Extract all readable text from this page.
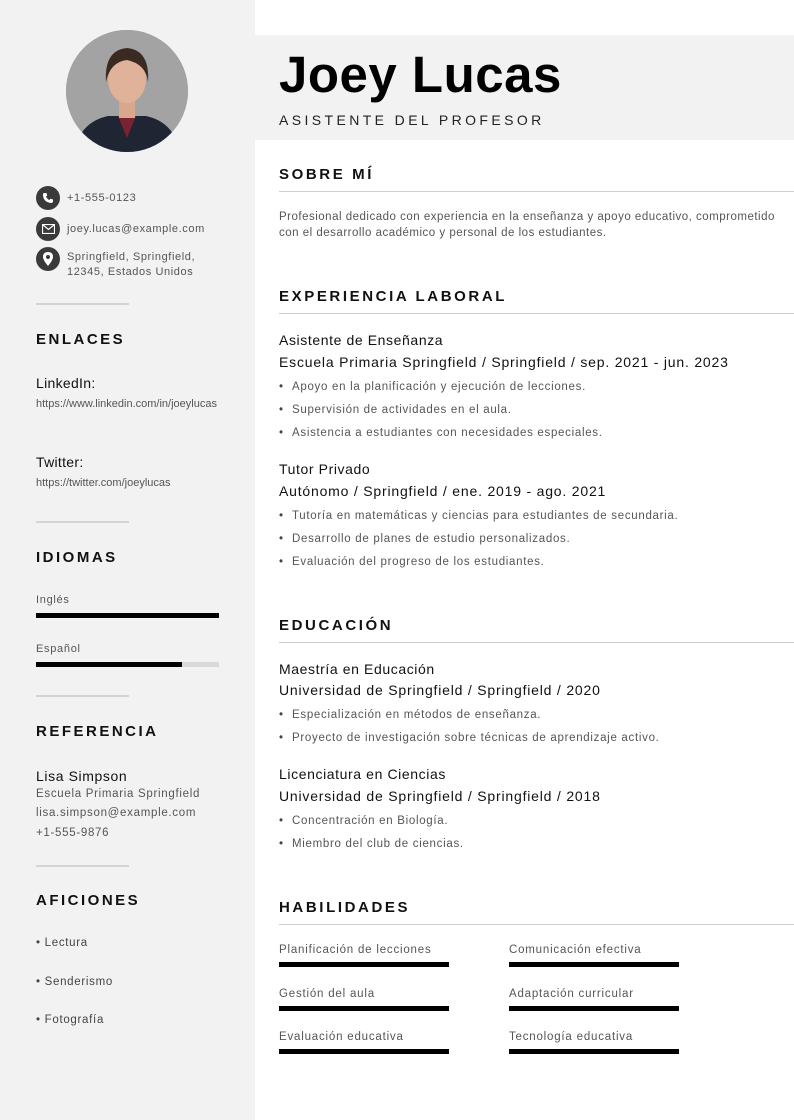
+1-555-0123
joey.lucas@example.com
Springfield, Springfield,
12345, Estados Unidos
ENLACES
LinkedIn:
https://www.linkedin.com/in/joeylucas
Twitter:
https://twitter.com/joeylucas
IDIOMAS
Inglés
Español
REFERENCIA
Lisa Simpson
Escuela Primaria Springfield
lisa.simpson@example.com
+1-555-9876
AFICIONES
• Lectura
• Senderismo
• Fotografía
Joey Lucas
ASISTENTE DEL PROFESOR
SOBRE MÍ
Profesional dedicado con experiencia en la enseñanza y apoyo educativo, comprometido con el desarrollo académico y personal de los estudiantes.
EXPERIENCIA LABORAL
Asistente de Enseñanza
Escuela Primaria Springfield / Springfield / sep. 2021 - jun. 2023
• Apoyo en la planificación y ejecución de lecciones.
• Supervisión de actividades en el aula.
• Asistencia a estudiantes con necesidades especiales.
Tutor Privado
Autónomo / Springfield / ene. 2019 - ago. 2021
• Tutoría en matemáticas y ciencias para estudiantes de secundaria.
• Desarrollo de planes de estudio personalizados.
• Evaluación del progreso de los estudiantes.
EDUCACIÓN
Maestría en Educación
Universidad de Springfield / Springfield / 2020
• Especialización en métodos de enseñanza.
• Proyecto de investigación sobre técnicas de aprendizaje activo.
Licenciatura en Ciencias
Universidad de Springfield / Springfield / 2018
• Concentración en Biología.
• Miembro del club de ciencias.
HABILIDADES
Planificación de lecciones	Comunicación efectiva
Gestión del aula	Adaptación curricular
Evaluación educativa	Tecnología educativa
